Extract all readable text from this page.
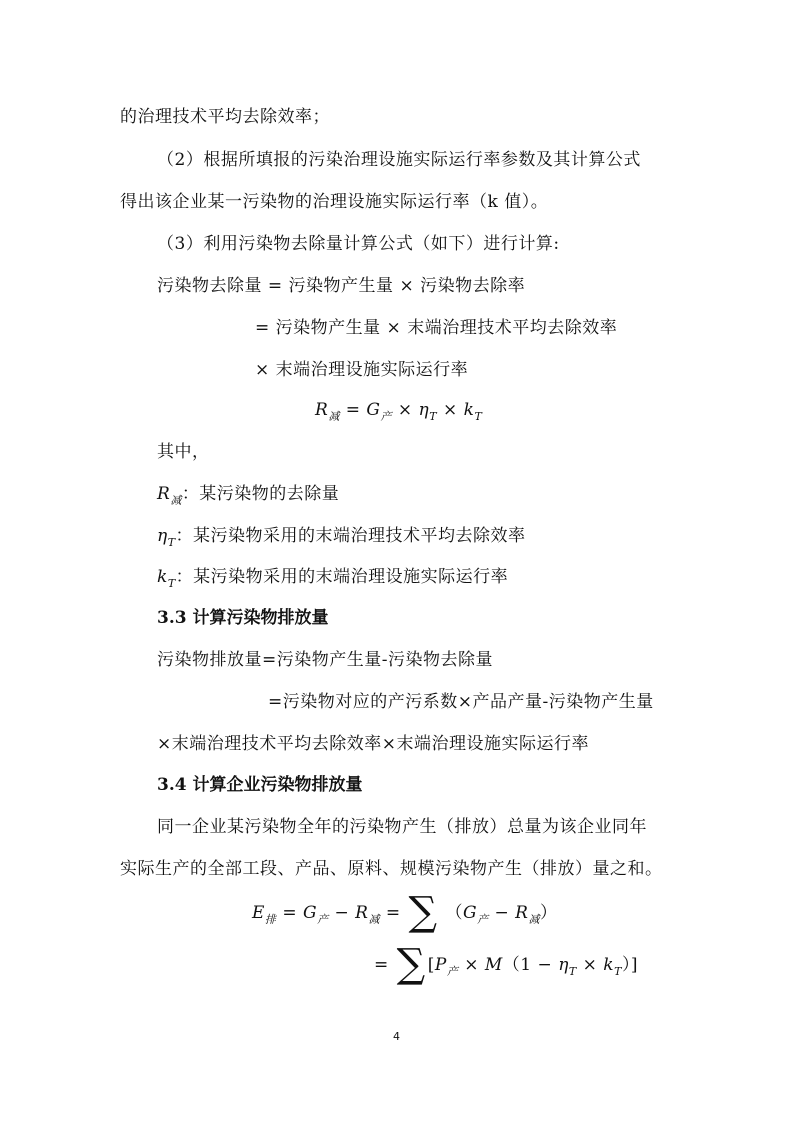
的治理技术平均去除效率；
（2）根据所填报的污染治理设施实际运行率参数及其计算公式
得出该企业某一污染物的治理设施实际运行率（k 值）。
（3）利用污染物去除量计算公式（如下）进行计算:
污染物去除量 = 污染物产生量 × 污染物去除率
= 污染物产生量 × 末端治理技术平均去除效率
× 末端治理设施实际运行率
$R_减 = G_产 \times \eta_T \times k_T$
其中，
$R_减$：某污染物的去除量
$\eta_T$：某污染物采用的末端治理技术平均去除效率
$k_T$：某污染物采用的末端治理设施实际运行率
3.3 计算污染物排放量
污染物排放量=污染物产生量-污染物去除量
=污染物对应的产污系数×产品产量-污染物产生量
×末端治理技术平均去除效率×末端治理设施实际运行率
3.4 计算企业污染物排放量
同一企业某污染物全年的污染物产生（排放）总量为该企业同年
实际生产的全部工段、产品、原料、规模污染物产生（排放）量之和。
$E_排 = G_产 - R_减$ = ∑ $(G_产 - R_减)$
= ∑ $[P_产 \times M(1 - \eta_T \times k_T)]$
4
